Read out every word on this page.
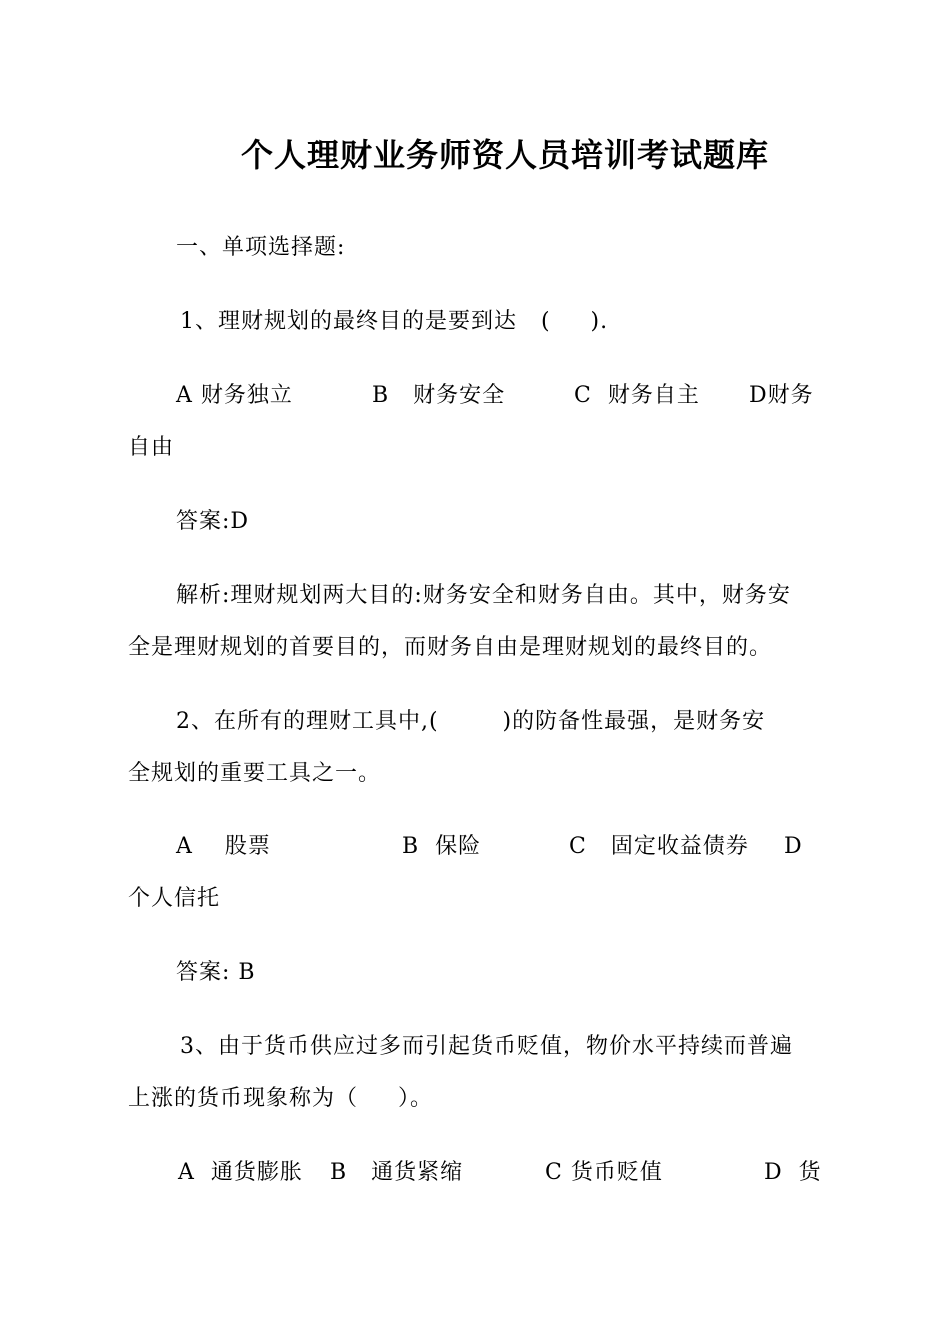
个人理财业务师资人员培训考试题库
一、单项选择题:
1、理财规划的最终目的是要到达   (     ).
A 财务独立	B   财务安全	C  财务自主 D财务
自由
答案:D
解析:理财规划两大目的:财务安全和财务自由。其中，财务安
全是理财规划的首要目的，而财务自由是理财规划的最终目的。
2、在所有的理财工具中,(        )的防备性最强，是财务安
全规划的重要工具之一。
A    股票	B  保险	C   固定收益债券 D
个人信托
答案: B
3、由于货币供应过多而引起货币贬值，物价水平持续而普遍
上涨的货币现象称为（     ）。
A  通货膨胀 B   通货紧缩	C 货币贬值	D  货
